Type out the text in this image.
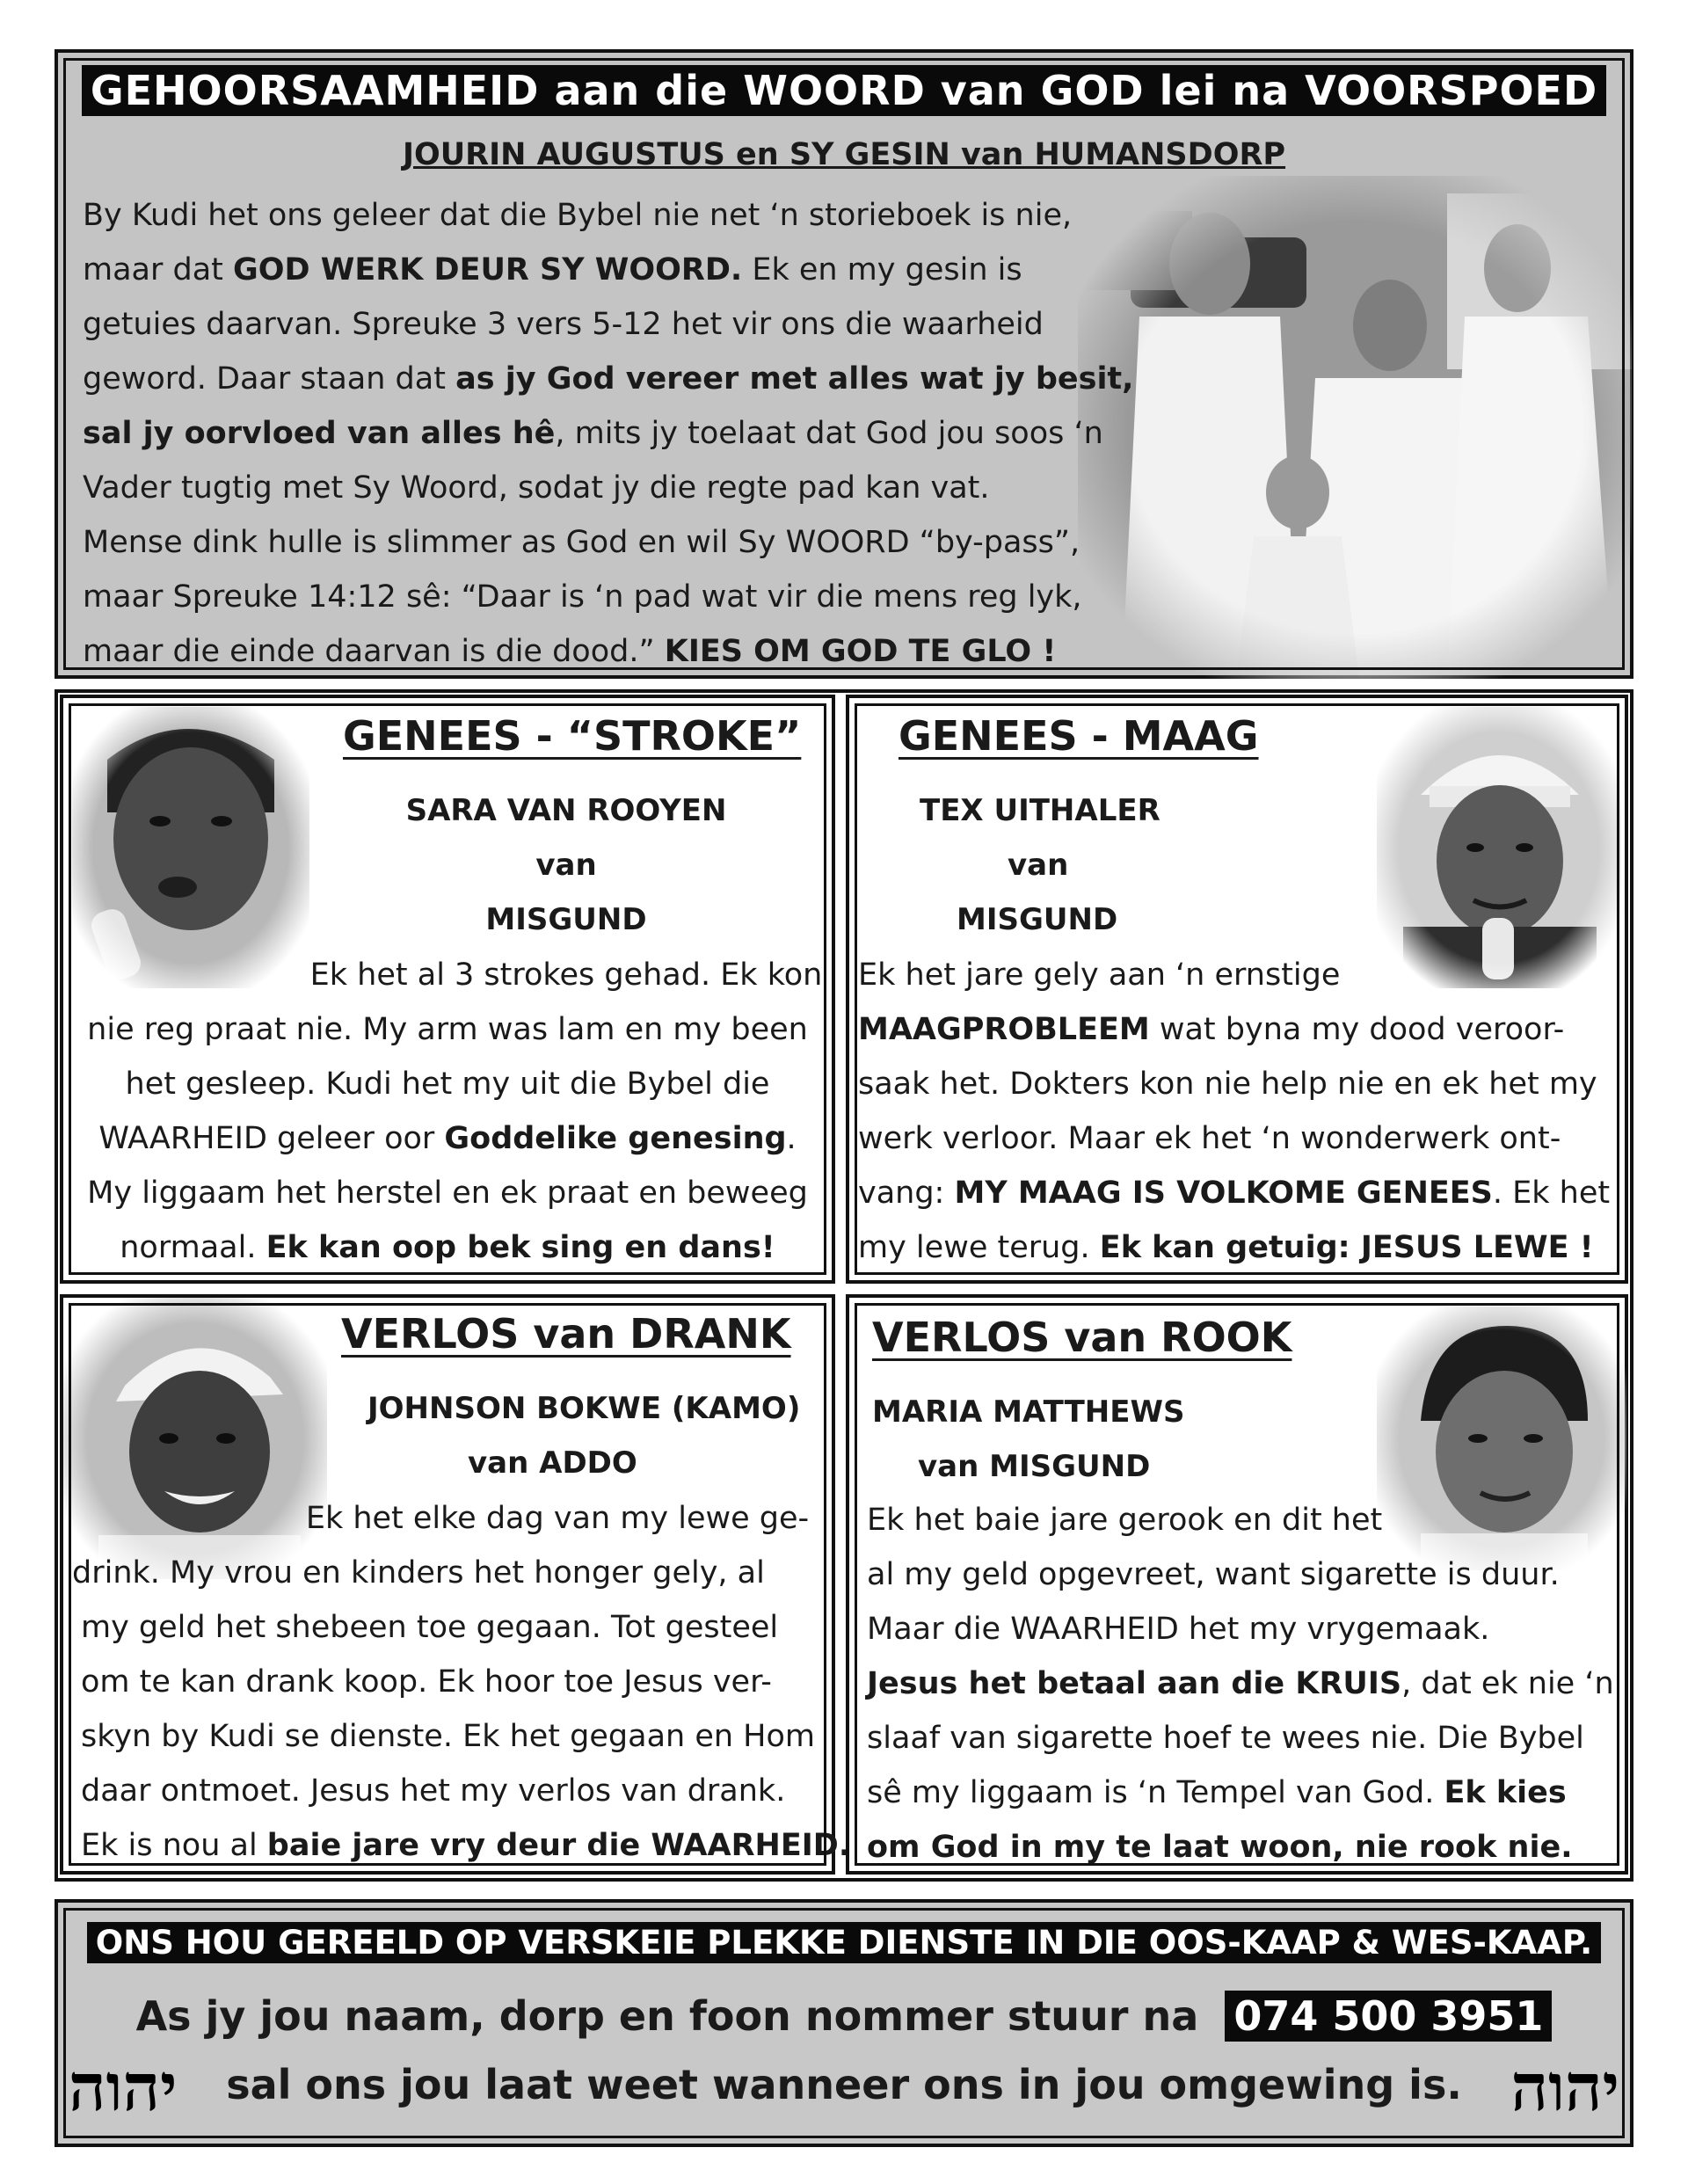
GEHOORSAAMHEID aan die WOORD van GOD lei na VOORSPOED
JOURIN AUGUSTUS en SY GESIN van HUMANSDORP
By Kudi het ons geleer dat die Bybel nie net ‘n storieboek is nie,
maar dat GOD WERK DEUR SY WOORD. Ek en my gesin is
getuies daarvan. Spreuke 3 vers 5-12 het vir ons die waarheid
geword. Daar staan dat as jy God vereer met alles wat jy besit,
sal jy oorvloed van alles hê, mits jy toelaat dat God jou soos ‘n
Vader tugtig met Sy Woord, sodat jy die regte pad kan vat.
Mense dink hulle is slimmer as God en wil Sy WOORD “by-pass”,
maar Spreuke 14:12 sê: “Daar is ‘n pad wat vir die mens reg lyk,
maar die einde daarvan is die dood.” KIES OM GOD TE GLO !
GENEES - “STROKE”
SARA VAN ROOYEN
van
MISGUND
Ek het al 3 strokes gehad. Ek kon
nie reg praat nie. My arm was lam en my been
het gesleep. Kudi het my uit die Bybel die
WAARHEID geleer oor Goddelike genesing.
My liggaam het herstel en ek praat en beweeg
normaal. Ek kan oop bek sing en dans!
GENEES - MAAG
TEX UITHALER
van
MISGUND
Ek het jare gely aan ‘n ernstige
MAAGPROBLEEM wat byna my dood veroor-
saak het. Dokters kon nie help nie en ek het my
werk verloor. Maar ek het ‘n wonderwerk ont-
vang: MY MAAG IS VOLKOME GENEES. Ek het
my lewe terug. Ek kan getuig: JESUS LEWE !
VERLOS van DRANK
JOHNSON BOKWE (KAMO)
van ADDO
Ek het elke dag van my lewe ge-
drink. My vrou en kinders het honger gely, al
my geld het shebeen toe gegaan. Tot gesteel
om te kan drank koop. Ek hoor toe Jesus ver-
skyn by Kudi se dienste. Ek het gegaan en Hom
daar ontmoet. Jesus het my verlos van drank.
Ek is nou al baie jare vry deur die WAARHEID.
VERLOS van ROOK
MARIA MATTHEWS
van MISGUND
Ek het baie jare gerook en dit het
al my geld opgevreet, want sigarette is duur.
Maar die WAARHEID het my vrygemaak.
Jesus het betaal aan die KRUIS, dat ek nie ‘n
slaaf van sigarette hoef te wees nie. Die Bybel
sê my liggaam is ‘n Tempel van God. Ek kies
om God in my te laat woon, nie rook nie.
ONS HOU GEREELD OP VERSKEIE PLEKKE DIENSTE IN DIE OOS-KAAP & WES-KAAP.
As jy jou naam, dorp en foon nommer stuur na 074 500 3951
sal ons jou laat weet wanneer ons in jou omgewing is.
יהוה	יהוה
